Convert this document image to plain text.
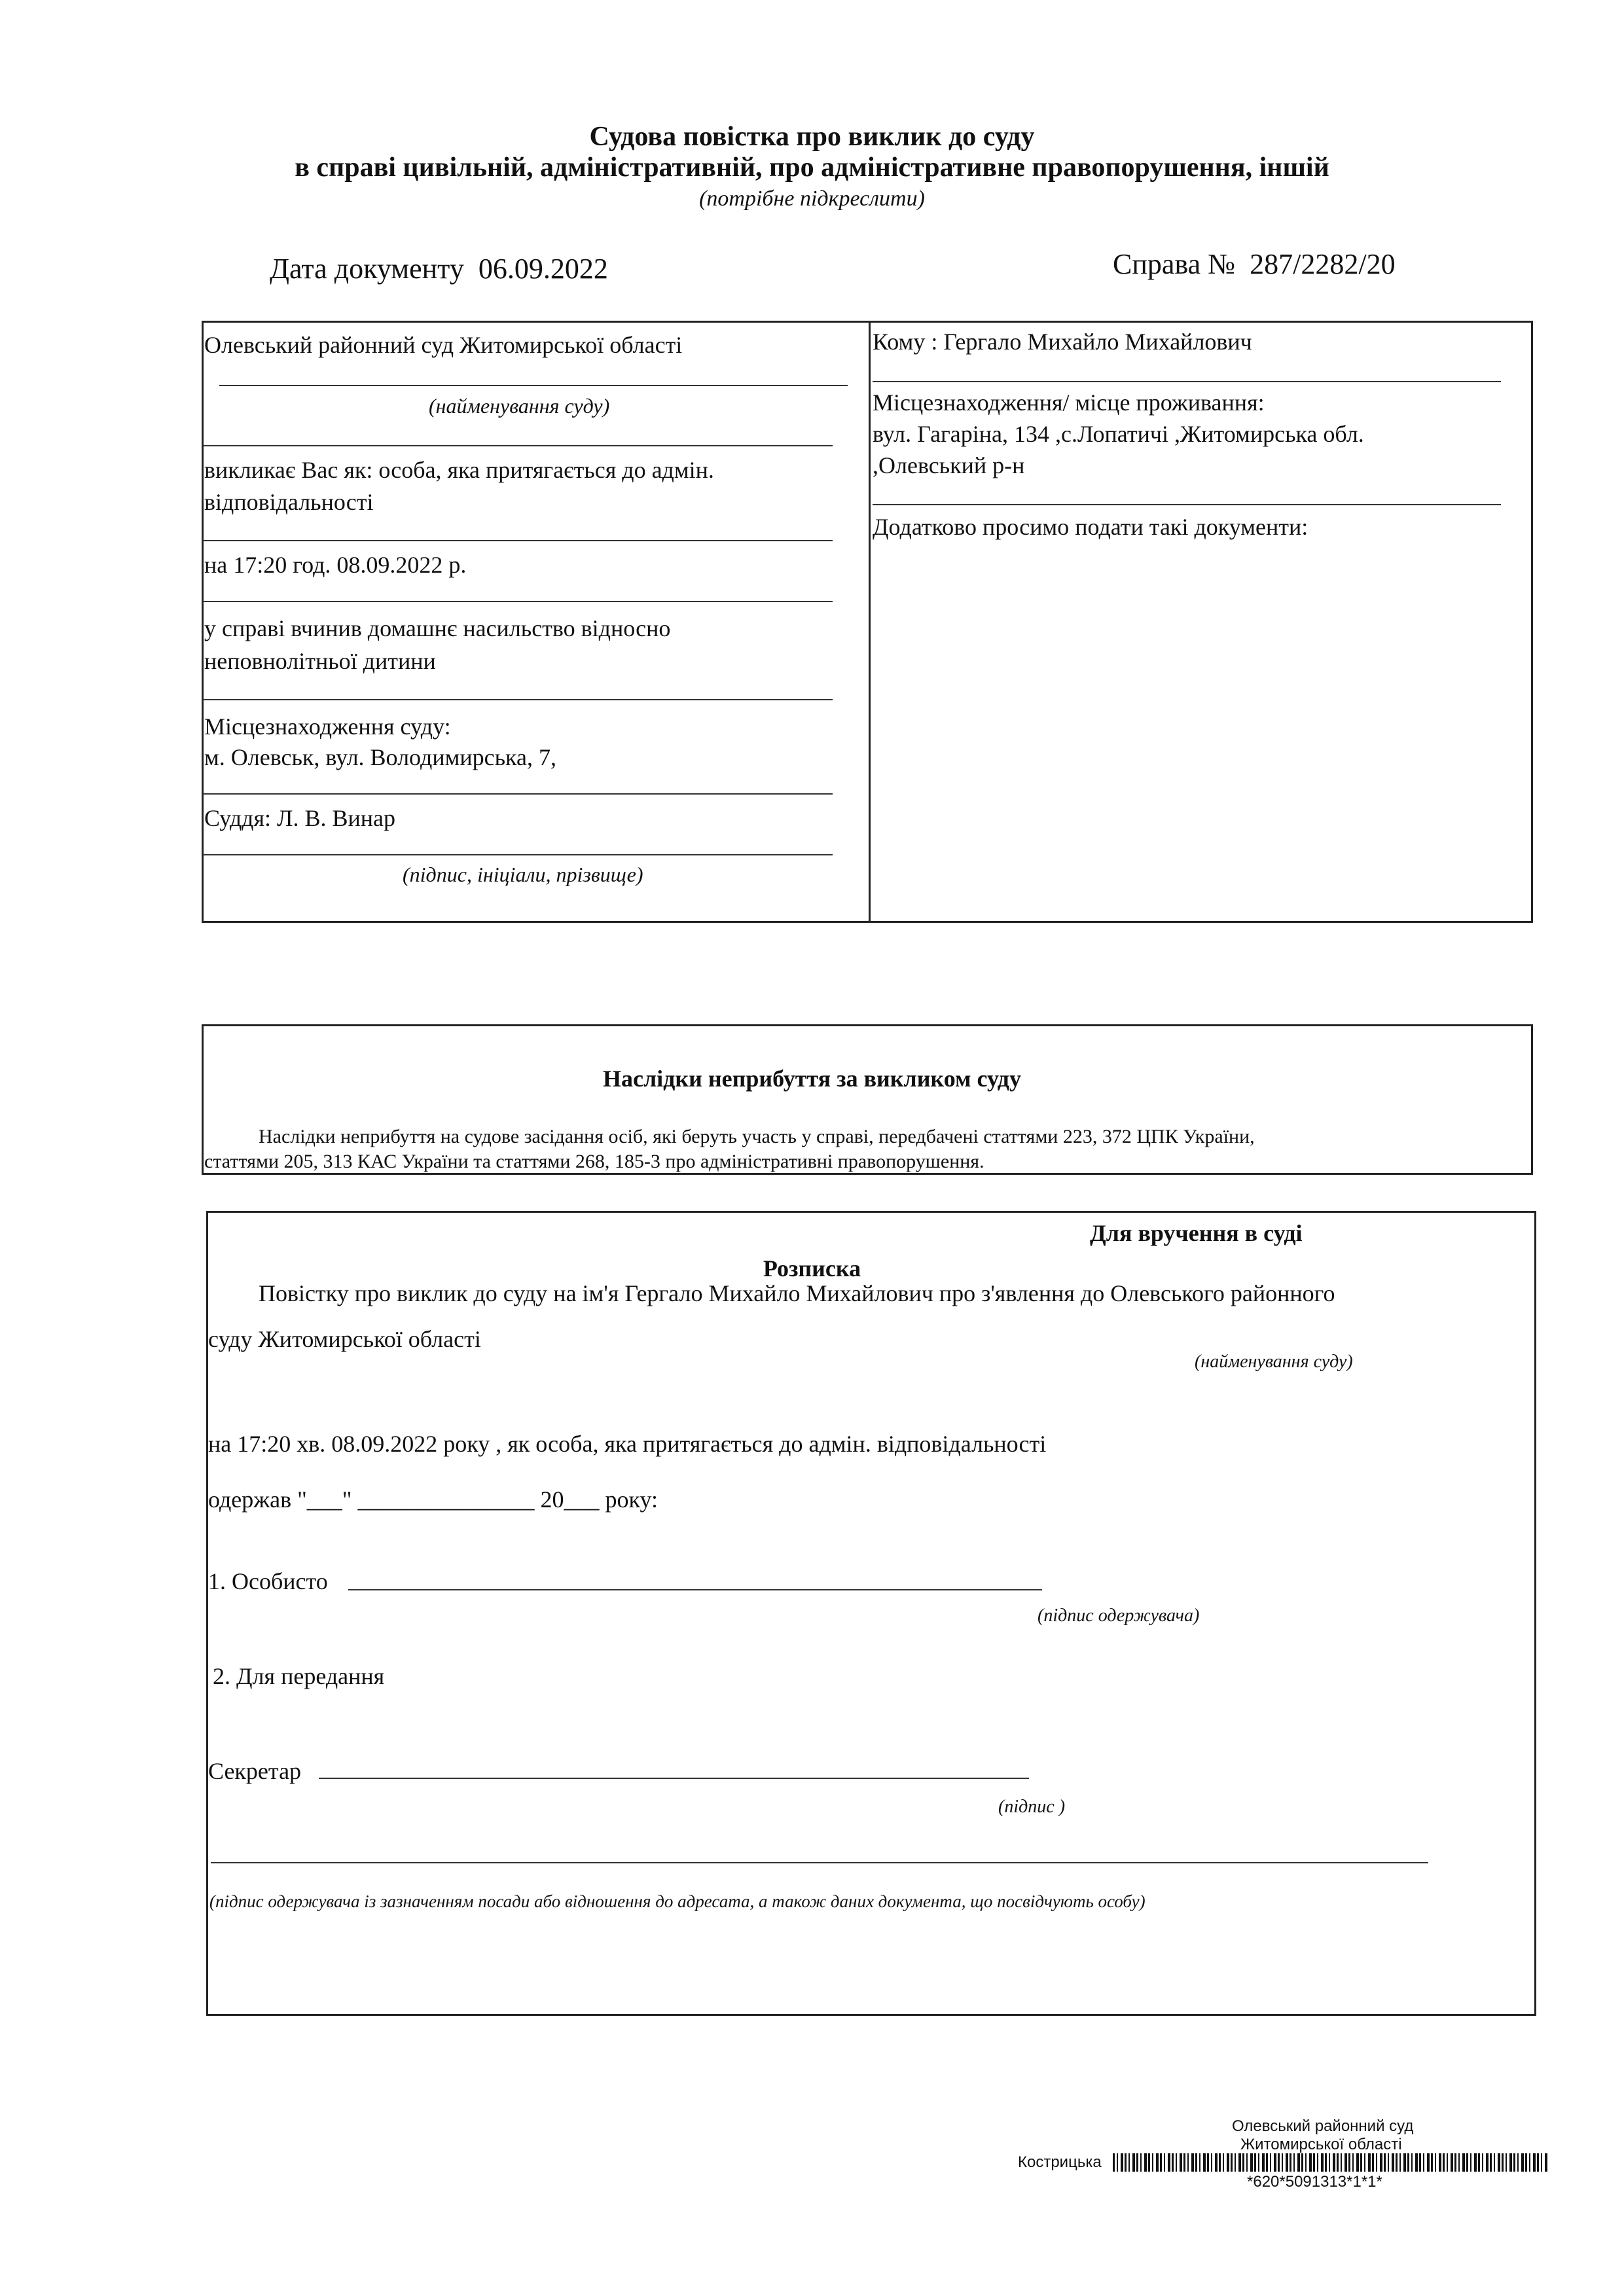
Судова повістка про виклик до суду
в справі цивільній, адміністративній, про адміністративне правопорушення, іншій
(потрібне підкреслити)
Дата документу 06.09.2022	Справа № 287/2282/20
Олевський районний суд Житомирської області
(найменування суду)
викликає Вас як: особа, яка притягається до адмін.
відповідальності
на 17:20 год. 08.09.2022 р.
у справі вчинив домашнє насильство відносно
неповнолітньої дитини
Місцезнаходження суду:
м. Олевськ, вул. Володимирська, 7,
Суддя: Л. В. Винар
(підпис, ініціали, прізвище)
Кому : Гергало Михайло Михайлович
Місцезнаходження/ місце проживання:
вул. Гагаріна, 134 ,с.Лопатичі ,Житомирська обл.
,Олевський р-н
Додатково просимо подати такі документи:
Наслідки неприбуття за викликом суду
Наслідки неприбуття на судове засідання осіб, які беруть участь у справі, передбачені статтями 223, 372 ЦПК України,
статтями 205, 313 КАС України та статтями 268, 185-3 про адміністративні правопорушення.
Для вручення в суді
Розписка
Повістку про виклик до суду на ім'я Гергало Михайло Михайлович про з'явлення до Олевського районного
суду Житомирської області
(найменування суду)
на 17:20 хв. 08.09.2022 року , як особа, яка притягається до адмін. відповідальності
одержав "___" _______________ 20___ року:
1. Особисто
(підпис одержувача)
2. Для передання
Секретар
(підпис )
(підпис одержувача із зазначенням посади або відношення до адресата, а також даних документа, що посвідчують особу)
Олевський районний суд
Житомирської області
Кострицька
*620*5091313*1*1*
